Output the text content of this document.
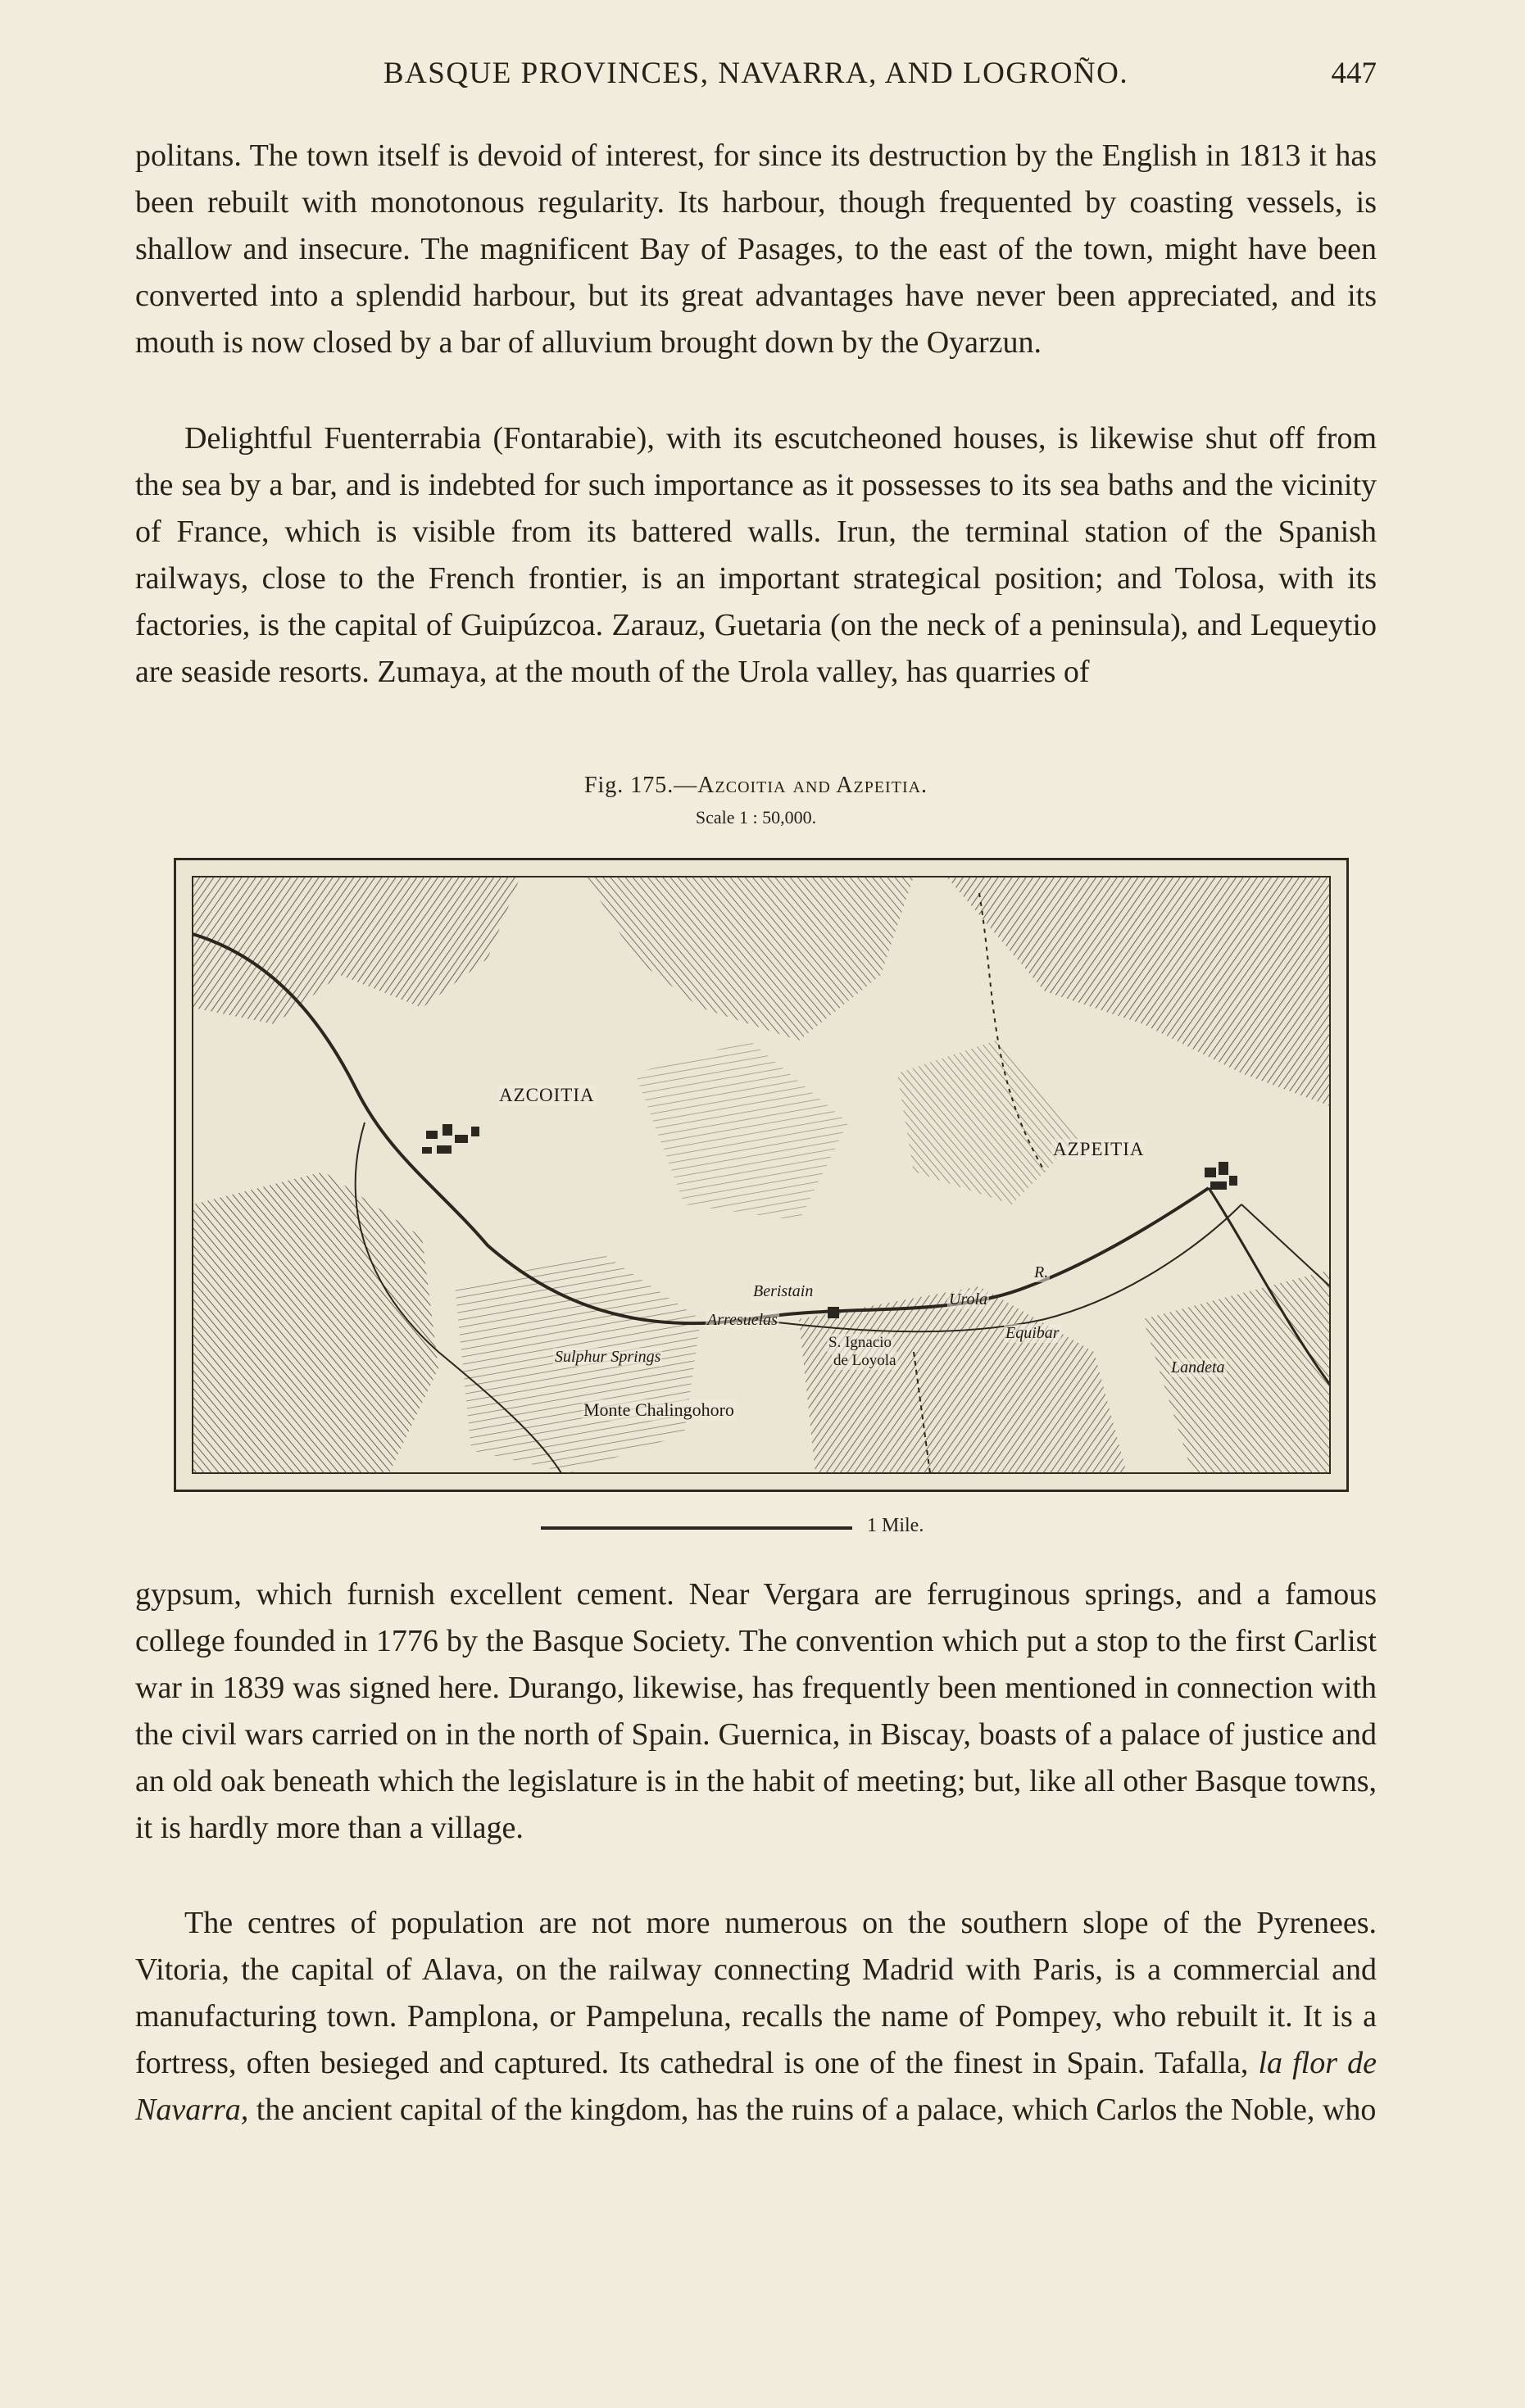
BASQUE PROVINCES, NAVARRA, AND LOGROÑO.	447

politans. The town itself is devoid of interest, for since its destruction by the English in 1813 it has been rebuilt with monotonous regularity. Its harbour, though frequented by coasting vessels, is shallow and insecure. The magnificent Bay of Pasages, to the east of the town, might have been converted into a splendid harbour, but its great advantages have never been appreciated, and its mouth is now closed by a bar of alluvium brought down by the Oyarzun.

Delightful Fuenterrabia (Fontarabie), with its escutcheoned houses, is likewise shut off from the sea by a bar, and is indebted for such importance as it possesses to its sea baths and the vicinity of France, which is visible from its battered walls. Irun, the terminal station of the Spanish railways, close to the French frontier, is an important strategical position; and Tolosa, with its factories, is the capital of Guipúzcoa. Zarauz, Guetaria (on the neck of a peninsula), and Lequeytio are seaside resorts. Zumaya, at the mouth of the Urola valley, has quarries of

Fig. 175.—Azcoitia and Azpeitia.
Scale 1 : 50,000.
AZCOITIA
AZPEITIA
Urola
R.
Beristain
Arresuelas
S. Ignacio
de Loyola
Equibar
Landeta
Sulphur Springs
Monte Chalingohoro
1 Mile.

gypsum, which furnish excellent cement. Near Vergara are ferruginous springs, and a famous college founded in 1776 by the Basque Society. The convention which put a stop to the first Carlist war in 1839 was signed here. Durango, likewise, has frequently been mentioned in connection with the civil wars carried on in the north of Spain. Guernica, in Biscay, boasts of a palace of justice and an old oak beneath which the legislature is in the habit of meeting; but, like all other Basque towns, it is hardly more than a village.

The centres of population are not more numerous on the southern slope of the Pyrenees. Vitoria, the capital of Alava, on the railway connecting Madrid with Paris, is a commercial and manufacturing town. Pamplona, or Pampeluna, recalls the name of Pompey, who rebuilt it. It is a fortress, often besieged and captured. Its cathedral is one of the finest in Spain. Tafalla, la flor de Navarra, the ancient capital of the kingdom, has the ruins of a palace, which Carlos the Noble, who
